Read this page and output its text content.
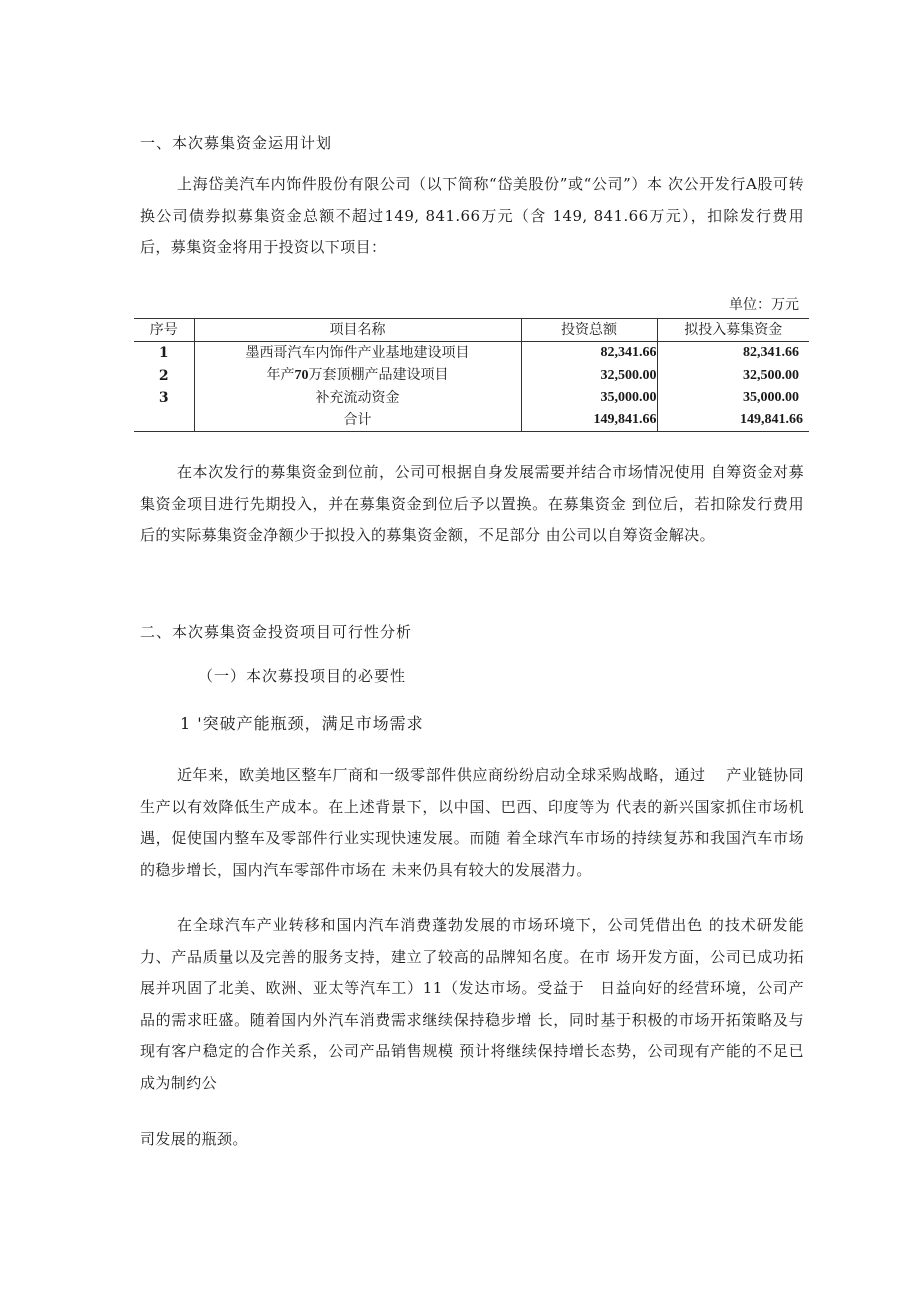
一、本次募集资金运用计划

上海岱美汽车内饰件股份有限公司（以下简称“岱美股份”或“公司”）本 次公开发行A股可转换公司债券拟募集资金总额不超过149, 841.66万元（含 149, 841.66万元），扣除发行费用后，募集资金将用于投资以下项目：

单位：万元
序号	项目名称	投资总额	拟投入募集资金
1	墨西哥汽车内饰件产业基地建设项目	82,341.66	82,341.66
2	年产70万套顶棚产品建设项目	32,500.00	32,500.00
3	补充流动资金	35,000.00	35,000.00
	合计	149,841.66	149,841.66

在本次发行的募集资金到位前，公司可根据自身发展需要并结合市场情况使用 自筹资金对募集资金项目进行先期投入，并在募集资金到位后予以置换。在募集资金 到位后，若扣除发行费用后的实际募集资金净额少于拟投入的募集资金额，不足部分 由公司以自筹资金解决。

二、本次募集资金投资项目可行性分析
（一）本次募投项目的必要性
1 '突破产能瓶颈，满足市场需求

近年来，欧美地区整车厂商和一级零部件供应商纷纷启动全球采购战略，通过　 产业链协同生产以有效降低生产成本。在上述背景下，以中国、巴西、印度等为 代表的新兴国家抓住市场机遇，促使国内整车及零部件行业实现快速发展。而随 着全球汽车市场的持续复苏和我国汽车市场的稳步增长，国内汽车零部件市场在 未来仍具有较大的发展潜力。

在全球汽车产业转移和国内汽车消费蓬勃发展的市场环境下，公司凭借出色 的技术研发能力、产品质量以及完善的服务支持，建立了较高的品牌知名度。在市 场开发方面，公司已成功拓展并巩固了北美、欧洲、亚太等汽车工）11（发达市场。受益于　日益向好的经营环境，公司产品的需求旺盛。随着国内外汽车消费需求继续保持稳步增 长，同时基于积极的市场开拓策略及与现有客户稳定的合作关系，公司产品销售规模 预计将继续保持增长态势，公司现有产能的不足已成为制约公

司发展的瓶颈。
